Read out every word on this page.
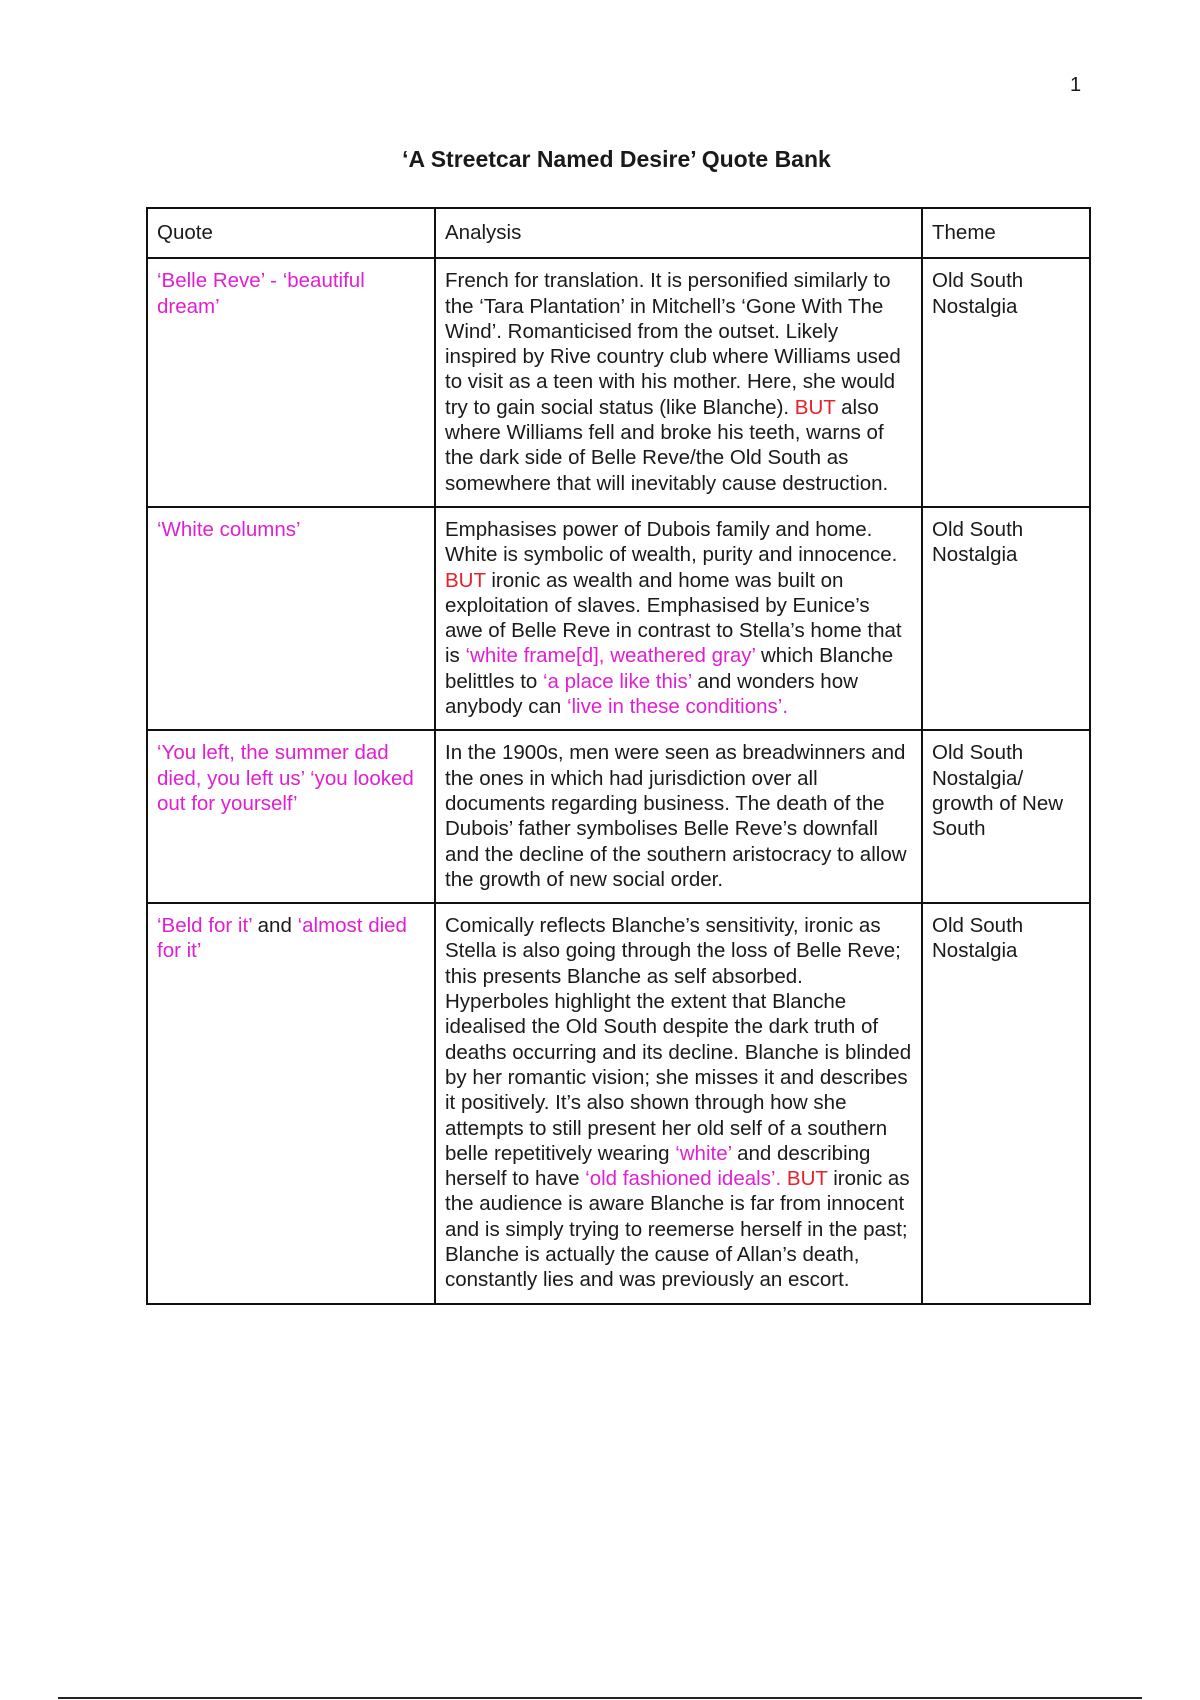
1
‘A Streetcar Named Desire’ Quote Bank
Quote	Analysis	Theme
‘Belle Reve’ - ‘beautiful dream’	French for translation. It is personified similarly to the ‘Tara Plantation’ in Mitchell’s ‘Gone With The Wind’. Romanticised from the outset. Likely inspired by Rive country club where Williams used to visit as a teen with his mother. Here, she would try to gain social status (like Blanche). BUT also where Williams fell and broke his teeth, warns of the dark side of Belle Reve/the Old South as somewhere that will inevitably cause destruction.	Old South Nostalgia
‘White columns’	Emphasises power of Dubois family and home. White is symbolic of wealth, purity and innocence. BUT ironic as wealth and home was built on exploitation of slaves. Emphasised by Eunice’s awe of Belle Reve in contrast to Stella’s home that is ‘white frame[d], weathered gray’ which Blanche belittles to ‘a place like this’ and wonders how anybody can ‘live in these conditions’.	Old South Nostalgia
‘You left, the summer dad died, you left us’ ‘you looked out for yourself’	In the 1900s, men were seen as breadwinners and the ones in which had jurisdiction over all documents regarding business. The death of the Dubois’ father symbolises Belle Reve’s downfall and the decline of the southern aristocracy to allow the growth of new social order.	Old South Nostalgia/ growth of New South
‘Beld for it’ and ‘almost died for it’	Comically reflects Blanche’s sensitivity, ironic as Stella is also going through the loss of Belle Reve; this presents Blanche as self absorbed. Hyperboles highlight the extent that Blanche idealised the Old South despite the dark truth of deaths occurring and its decline. Blanche is blinded by her romantic vision; she misses it and describes it positively. It’s also shown through how she attempts to still present her old self of a southern belle repetitively wearing ‘white’ and describing herself to have ‘old fashioned ideals’. BUT ironic as the audience is aware Blanche is far from innocent and is simply trying to reemerse herself in the past; Blanche is actually the cause of Allan’s death, constantly lies and was previously an escort.	Old South Nostalgia
